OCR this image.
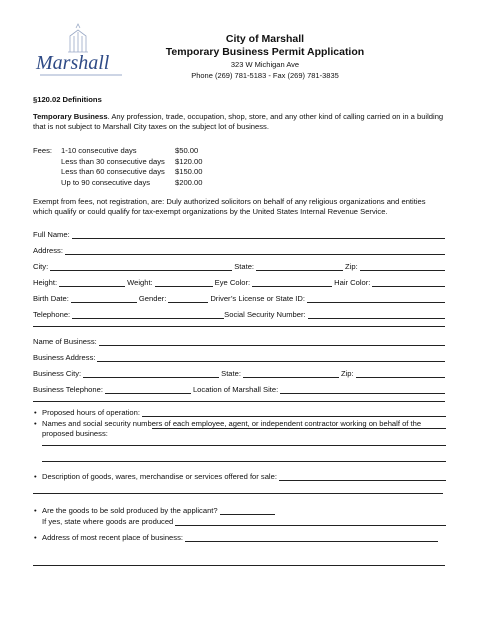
Marshall
City of Marshall
Temporary Business Permit Application
323 W Michigan Ave
Phone (269) 781-5183 - Fax (269) 781-3835
§120.02 Definitions
Temporary Business. Any profession, trade, occupation, shop, store, and any other kind of calling carried on in a building that is not subject to Marshall City taxes on the subject lot of business.
Fees: 1-10 consecutive days	$50.00
Less than 30 consecutive days $120.00
Less than 60 consecutive days $150.00
Up to 90 consecutive days	$200.00
Exempt from fees, not registration, are: Duly authorized solicitors on behalf of any religious organizations and entities which qualify or could qualify for tax-exempt organizations by the United States Internal Revenue Service.
Full Name:
Address:
City:	State:	Zip:
Height:	Weight:	Eye Color:	Hair Color:
Birth Date:	Gender:	Driver’s License or State ID:
Telephone:	Social Security Number:
Name of Business:
Business Address:
Business City:	State:	Zip:
Business Telephone:	Location of Marshall Site:
• Proposed hours of operation:
• Names and social security numbers of each employee, agent, or independent contractor working on behalf of the proposed business:
• Description of goods, wares, merchandise or services offered for sale:
• Are the goods to be sold produced by the applicant?
If yes, state where goods are produced
• Address of most recent place of business:
